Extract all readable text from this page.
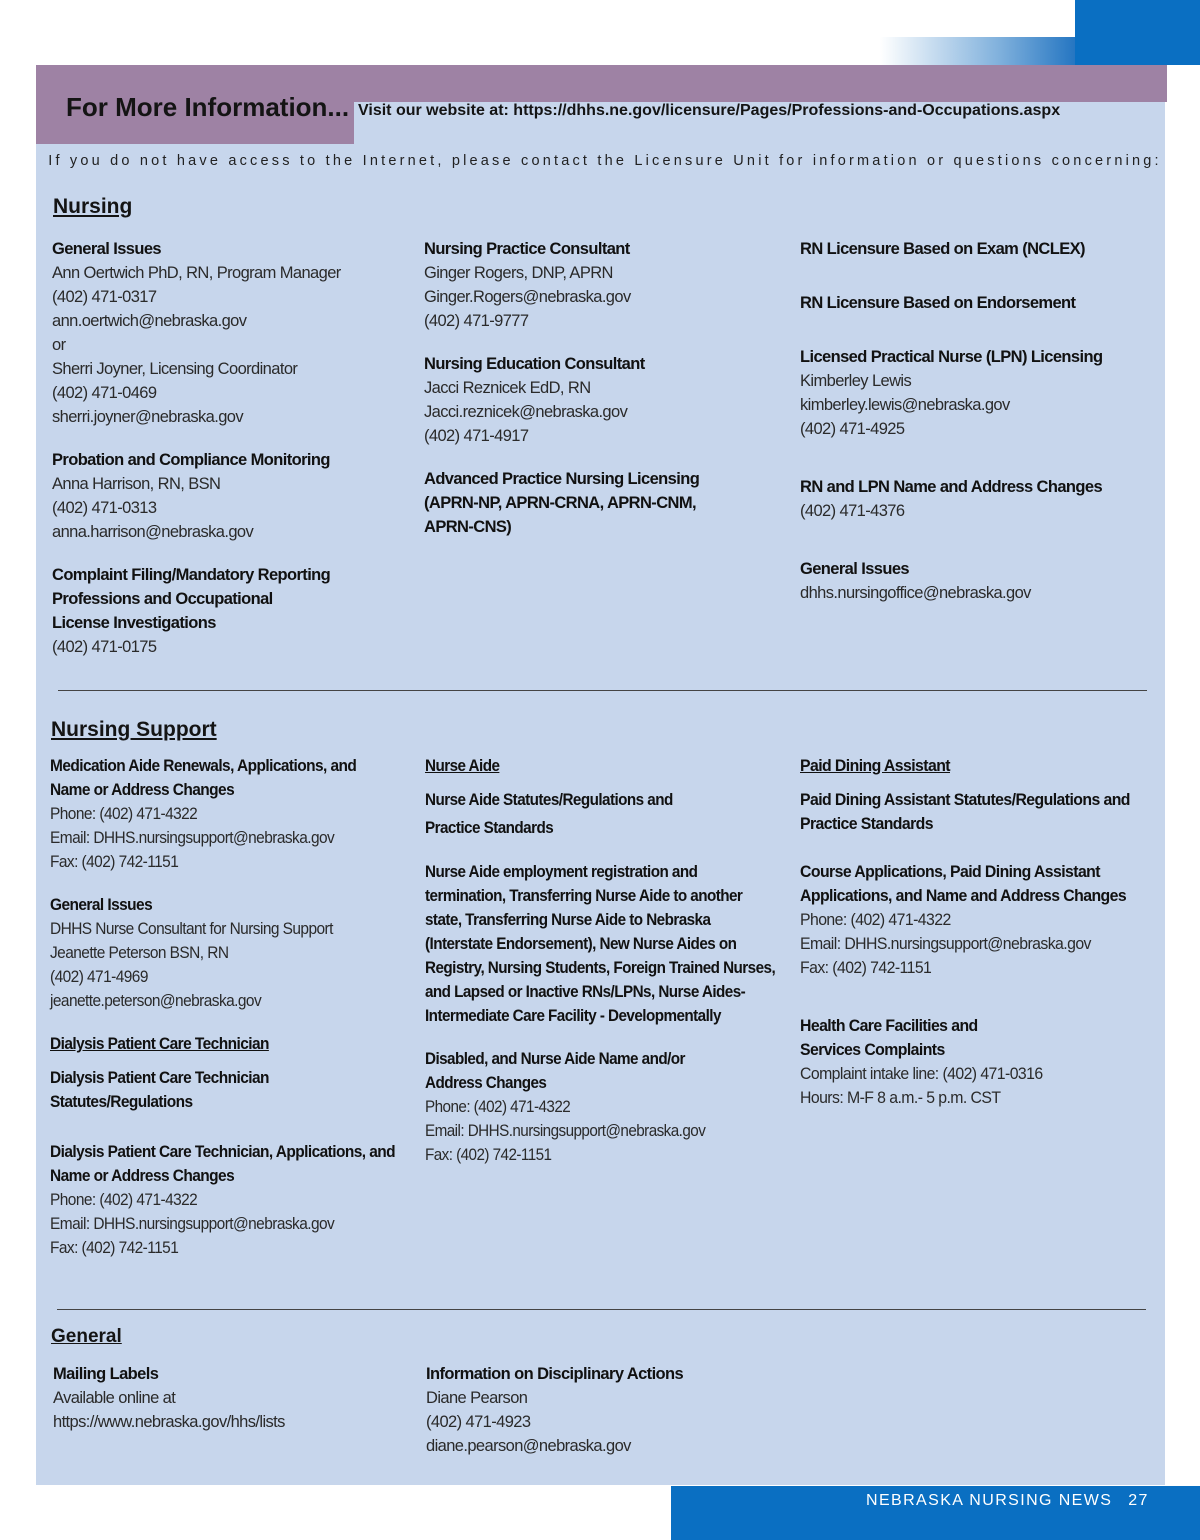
For More Information... Visit our website at: https://dhhs.ne.gov/licensure/Pages/Professions-and-Occupations.aspx
If you do not have access to the Internet, please contact the Licensure Unit for information or questions concerning:
Nursing
General Issues
Ann Oertwich PhD, RN, Program Manager
(402) 471-0317
ann.oertwich@nebraska.gov
or
Sherri Joyner, Licensing Coordinator
(402) 471-0469
sherri.joyner@nebraska.gov
Probation and Compliance Monitoring
Anna Harrison, RN, BSN
(402) 471-0313
anna.harrison@nebraska.gov
Complaint Filing/Mandatory Reporting
Professions and Occupational
License Investigations
(402) 471-0175
Nursing Practice Consultant
Ginger Rogers, DNP, APRN
Ginger.Rogers@nebraska.gov
(402) 471-9777
Nursing Education Consultant
Jacci Reznicek EdD, RN
Jacci.reznicek@nebraska.gov
(402) 471-4917
Advanced Practice Nursing Licensing
(APRN-NP, APRN-CRNA, APRN-CNM,
APRN-CNS)
RN Licensure Based on Exam (NCLEX)
RN Licensure Based on Endorsement
Licensed Practical Nurse (LPN) Licensing
Kimberley Lewis
kimberley.lewis@nebraska.gov
(402) 471-4925
RN and LPN Name and Address Changes
(402) 471-4376
General Issues
dhhs.nursingoffice@nebraska.gov
Nursing Support
Medication Aide Renewals, Applications, and
Name or Address Changes
Phone: (402) 471-4322
Email: DHHS.nursingsupport@nebraska.gov
Fax: (402) 742-1151
General Issues
DHHS Nurse Consultant for Nursing Support
Jeanette Peterson BSN, RN
(402) 471-4969
jeanette.peterson@nebraska.gov
Dialysis Patient Care Technician
Dialysis Patient Care Technician
Statutes/Regulations
Dialysis Patient Care Technician, Applications, and
Name or Address Changes
Phone: (402) 471-4322
Email: DHHS.nursingsupport@nebraska.gov
Fax: (402) 742-1151
Nurse Aide
Nurse Aide Statutes/Regulations and
Practice Standards
Nurse Aide employment registration and
termination, Transferring Nurse Aide to another
state, Transferring Nurse Aide to Nebraska
(Interstate Endorsement), New Nurse Aides on
Registry, Nursing Students, Foreign Trained Nurses,
and Lapsed or Inactive RNs/LPNs, Nurse Aides-
Intermediate Care Facility - Developmentally
Disabled, and Nurse Aide Name and/or
Address Changes
Phone: (402) 471-4322
Email: DHHS.nursingsupport@nebraska.gov
Fax: (402) 742-1151
Paid Dining Assistant
Paid Dining Assistant Statutes/Regulations and
Practice Standards
Course Applications, Paid Dining Assistant
Applications, and Name and Address Changes
Phone: (402) 471-4322
Email: DHHS.nursingsupport@nebraska.gov
Fax: (402) 742-1151
Health Care Facilities and
Services Complaints
Complaint intake line: (402) 471-0316
Hours: M-F 8 a.m.- 5 p.m. CST
General
Mailing Labels
Available online at
https://www.nebraska.gov/hhs/lists
Information on Disciplinary Actions
Diane Pearson
(402) 471-4923
diane.pearson@nebraska.gov
NEBRASKA NURSING NEWS 27
